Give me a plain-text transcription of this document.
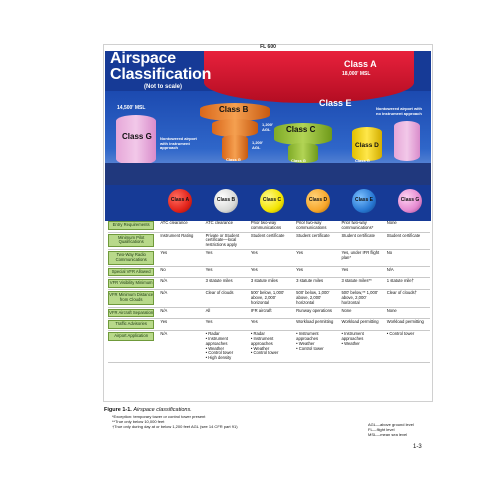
FL 600
Class A
18,000' MSL
Airspace
Classification
(Not to scale)
Class E
14,500' MSL
Class G Nontowered airport with instrument approach
Class B
1,200' AGL
Class G
Class C
1,200' AGL
Class G
Class D
Class G
Nontowered airport with no instrument approach
Class A	Class B	Class C	Class D	Class E	Class G
Entry Requirements	ATC clearance	ATC clearance	Prior two-way communications	Prior two-way communications	Prior two-way communications*	None

Minimum Pilot Qualifications	Instrument Rating	Private or Student certificate—local restrictions apply	Student certificate	Student certificate	Student certificate	Student certificate

Two-Way Radio Communications	Yes	Yes	Yes	Yes	Yes, under IFR flight plan*	No

Special VFR Allowed	No	Yes	Yes	Yes	Yes	N/A

VFR Visibility Minimum	N/A	3 statute miles	3 statute miles	3 statute miles	3 statute miles**	1 statute mile†

VFR Minimum Distance from Clouds	N/A	Clear of clouds	500' below, 1,000' above, 2,000' horizontal	500' below, 1,000' above, 2,000' horizontal	500' below,** 1,000' above, 2,000' horizontal	Clear of clouds†

VFR Aircraft Separation	N/A	All	IFR aircraft	Runway operations	None	None

Traffic Advisories	Yes	Yes	Yes	Workload permitting	Workload permitting	Workload permitting

Airport Application	N/A	• Radar
• Instrument approaches
• Weather
• Control tower
• High density	• Radar
• Instrument approaches
• Weather
• Control tower	• Instrument approaches
• Weather
• Control tower	• Instrument approaches
• Weather	• Control tower
*Exception: temporary tower or control tower present
**True only below 10,000 feet
†True only during day at or below 1,200 feet AGL (see 14 CFR part 91)	AGL—above ground level
FL—flight level
MSL—mean sea level
Figure 1-1. Airspace classifications.
1-3
